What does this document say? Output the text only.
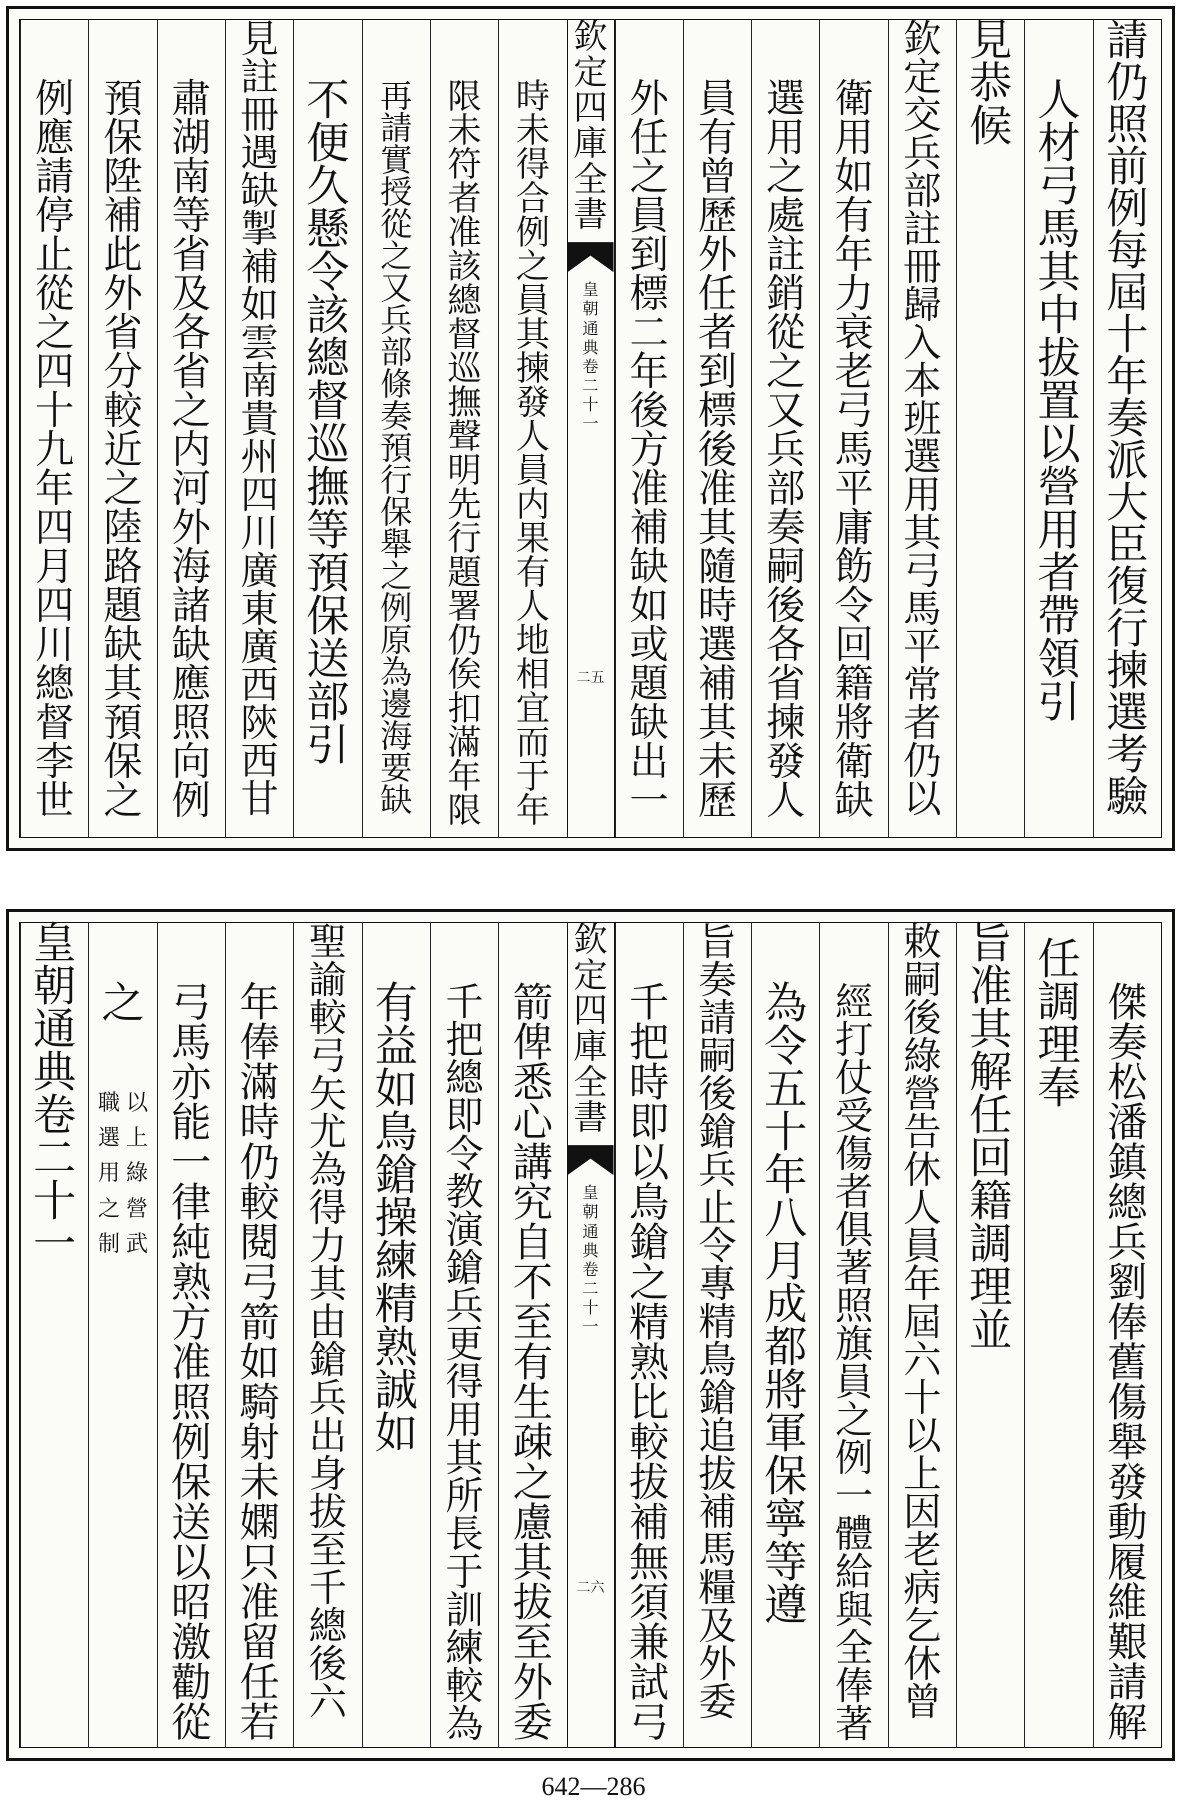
請
仍
照
前
例
每
屆
十
年
奏
派
大
臣
復
行
揀
選
考
驗
人
材
弓
馬
其
中
拔
置
以
營
用
者
帶
領
引
見
恭
候
欽
定
交
兵
部
註
冊
歸
入
本
班
選
用
其
弓
馬
平
常
者
仍
以
衛
用
如
有
年
力
衰
老
弓
馬
平
庸
飭
令
回
籍
將
衛
缺
選
用
之
處
註
銷
從
之
又
兵
部
奏
嗣
後
各
省
揀
發
人
員
有
曾
歷
外
任
者
到
標
後
准
其
隨
時
選
補
其
未
歷
外
任
之
員
到
標
二
年
後
方
准
補
缺
如
或
題
缺
出
一
時
未
得
合
例
之
員
其
揀
發
人
員
内
果
有
人
地
相
宜
而
于
年
限
未
符
者
准
該
總
督
巡
撫
聲
明
先
行
題
署
仍
俟
扣
滿
年
限
再
請
實
授
從
之
又
兵
部
條
奏
預
行
保
舉
之
例
原
為
邊
海
要
缺
不
便
久
懸
令
該
總
督
巡
撫
等
預
保
送
部
引
見
註
冊
遇
缺
掣
補
如
雲
南
貴
州
四
川
廣
東
廣
西
陝
西
甘
肅
湖
南
等
省
及
各
省
之
内
河
外
海
諸
缺
應
照
向
例
預
保
陞
補
此
外
省
分
較
近
之
陸
路
題
缺
其
預
保
之
例
應
請
停
止
從
之
四
十
九
年
四
月
四
川
總
督
李
世
欽
定
四
庫
全
書
皇
朝
通
典
卷
二
十
一
二五
傑
奏
松
潘
鎮
總
兵
劉
俸
舊
傷
舉
發
動
履
維
艱
請
解
任
調
理
奉
旨
准
其
解
任
回
籍
調
理
並
敕
嗣
後
綠
營
告
休
人
員
年
屆
六
十
以
上
因
老
病
乞
休
曾
經
打
仗
受
傷
者
俱
著
照
旗
員
之
例
一
體
給
與
全
俸
著
為
令
五
十
年
八
月
成
都
將
軍
保
寧
等
遵
旨
奏
請
嗣
後
鎗
兵
止
令
專
精
鳥
鎗
追
拔
補
馬
糧
及
外
委
千
把
時
即
以
鳥
鎗
之
精
熟
比
較
拔
補
無
須
兼
試
弓
箭
俾
悉
心
講
究
自
不
至
有
生
疎
之
慮
其
拔
至
外
委
千
把
總
即
令
教
演
鎗
兵
更
得
用
其
所
長
于
訓
練
較
為
有
益
如
鳥
鎗
操
練
精
熟
誠
如
聖
諭
較
弓
矢
尤
為
得
力
其
由
鎗
兵
出
身
拔
至
千
總
後
六
年
俸
滿
時
仍
較
閱
弓
箭
如
騎
射
未
嫻
只
准
留
任
若
弓
馬
亦
能
一
律
純
熟
方
准
照
例
保
送
以
昭
激
勸
從
之
以
上
綠
營
武
職
選
用
之
制
皇
朝
通
典
卷
二
十
一
欽
定
四
庫
全
書
皇
朝
通
典
卷
二
十
一
二六
642—286
